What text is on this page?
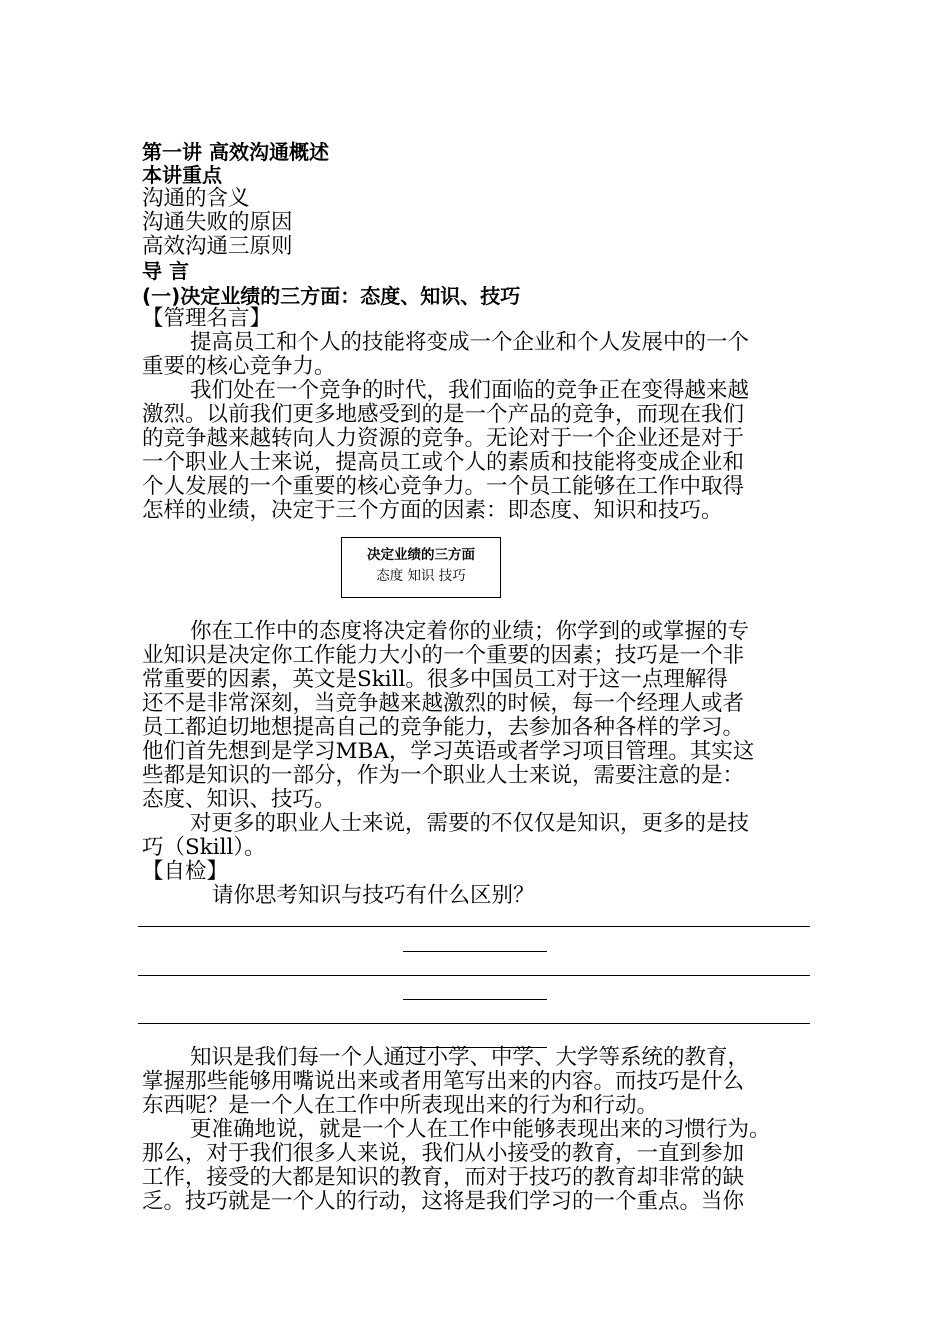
第一讲 高效沟通概述
本讲重点
沟通的含义
沟通失败的原因
高效沟通三原则
导 言
(一)决定业绩的三方面：态度、知识、技巧
【管理名言】
提高员工和个人的技能将变成一个企业和个人发展中的一个
重要的核心竞争力。
我们处在一个竞争的时代，我们面临的竞争正在变得越来越
激烈。以前我们更多地感受到的是一个产品的竞争，而现在我们
的竞争越来越转向人力资源的竞争。无论对于一个企业还是对于
一个职业人士来说，提高员工或个人的素质和技能将变成企业和
个人发展的一个重要的核心竞争力。一个员工能够在工作中取得
怎样的业绩，决定于三个方面的因素：即态度、知识和技巧。
决定业绩的三方面
态度 知识 技巧
你在工作中的态度将决定着你的业绩；你学到的或掌握的专
业知识是决定你工作能力大小的一个重要的因素；技巧是一个非
常重要的因素，英文是Skill。很多中国员工对于这一点理解得
还不是非常深刻，当竞争越来越激烈的时候，每一个经理人或者
员工都迫切地想提高自己的竞争能力，去参加各种各样的学习。
他们首先想到是学习MBA，学习英语或者学习项目管理。其实这
些都是知识的一部分，作为一个职业人士来说，需要注意的是：
态度、知识、技巧。
对更多的职业人士来说，需要的不仅仅是知识，更多的是技
巧（Skill）。
【自检】
请你思考知识与技巧有什么区别？
知识是我们每一个人通过小学、中学、大学等系统的教育，
掌握那些能够用嘴说出来或者用笔写出来的内容。而技巧是什么
东西呢？是一个人在工作中所表现出来的行为和行动。
更准确地说，就是一个人在工作中能够表现出来的习惯行为。
那么，对于我们很多人来说，我们从小接受的教育，一直到参加
工作，接受的大都是知识的教育，而对于技巧的教育却非常的缺
乏。技巧就是一个人的行动，这将是我们学习的一个重点。当你
